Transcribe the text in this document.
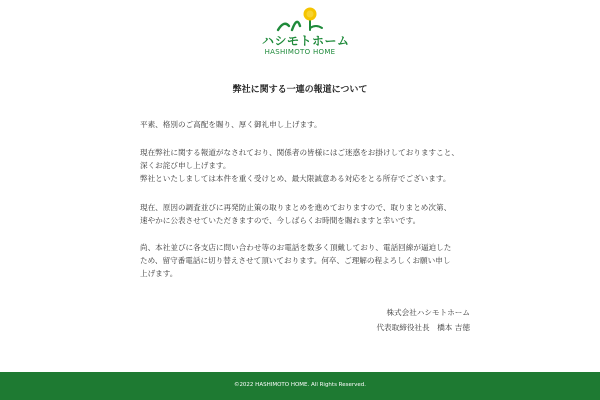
ハシモトホーム
HASHIMOTO HOME
弊社に関する一連の報道について
平素、格別のご高配を賜り、厚く御礼申し上げます。
現在弊社に関する報道がなされており、関係者の皆様にはご迷惑をお掛けしておりますこと、
深くお詫び申し上げます。
弊社といたしましては本件を重く受けとめ、最大限誠意ある対応をとる所存でございます。
現在、原因の調査並びに再発防止策の取りまとめを進めておりますので、取りまとめ次第、
速やかに公表させていただきますので、今しばらくお時間を賜れますと幸いです。
尚、本社並びに各支店に問い合わせ等のお電話を数多く頂戴しており、電話回線が逼迫した
ため、留守番電話に切り替えさせて頂いております。何卒、ご理解の程よろしくお願い申し
上げます。
株式会社ハシモトホーム
代表取締役社長　橋本 吉徳
©2022 HASHIMOTO HOME. All Rights Reserved.
